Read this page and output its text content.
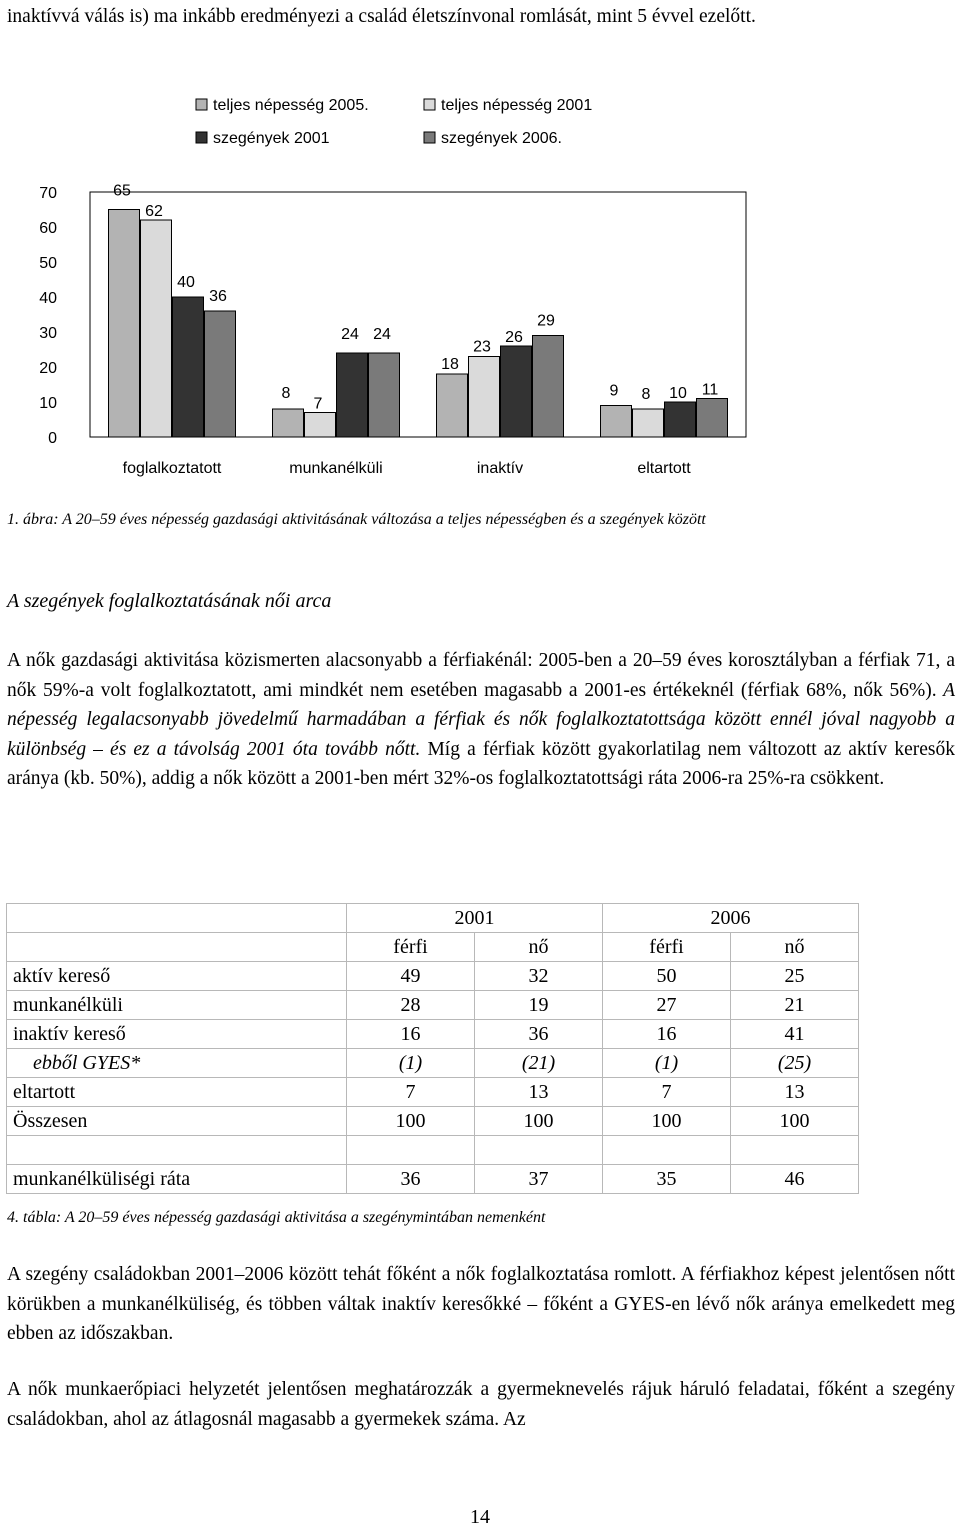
inaktívvá válás is) ma inkább eredményezi a család életszínvonal romlását, mint 5 évvel ezelőtt.

teljes népesség 2005.	teljes népesség 2001
szegények 2001	szegények 2006.
0
10
20
30
40
50
60
70	65
62
40
36
8
7
24 24
18
23
26
29
9 8 10 11
foglalkoztatott	munkanélküli	inaktív	eltartott

1. ábra: A 20‒59 éves népesség gazdasági aktivitásának változása a teljes népességben és a szegények között

A szegények foglalkoztatásának női arca

A nők gazdasági aktivitása közismerten alacsonyabb a férfiakénál: 2005-ben a 20‒59 éves korosztályban a férfiak 71, a nők 59%-a volt foglalkoztatott, ami mindkét nem esetében magasabb a 2001-es értékeknél (férfiak 68%, nők 56%). A népesség legalacsonyabb jövedelmű harmadában a férfiak és nők foglalkoztatottsága között ennél jóval nagyobb a különbség ‒ és ez a távolság 2001 óta tovább nőtt. Míg a férfiak között gyakorlatilag nem változott az aktív keresők aránya (kb. 50%), addig a nők között a 2001-ben mért 32%-os foglalkoztatottsági ráta 2006-ra 25%-ra csökkent.

	2001		2006	
	férfi	nő	férfi	nő
aktív kereső	49	32	50	25
munkanélküli	28	19	27	21
inaktív kereső	16	36	16	41
ebből GYES*	(1)	(21)	(1)	(25)
eltartott	7	13	7	13
Összesen	100	100	100	100

munkanélküliségi ráta	36	37	35	46

4. tábla: A 20‒59 éves népesség gazdasági aktivitása a szegénymintában nemenként

A szegény családokban 2001‒2006 között tehát főként a nők foglalkoztatása romlott. A férfiakhoz képest jelentősen nőtt körükben a munkanélküliség, és többen váltak inaktív keresőkké ‒ főként a GYES-en lévő nők aránya emelkedett meg ebben az időszakban.

A nők munkaerőpiaci helyzetét jelentősen meghatározzák a gyermeknevelés rájuk háruló feladatai, főként a szegény családokban, ahol az átlagosnál magasabb a gyermekek száma. Az

14
